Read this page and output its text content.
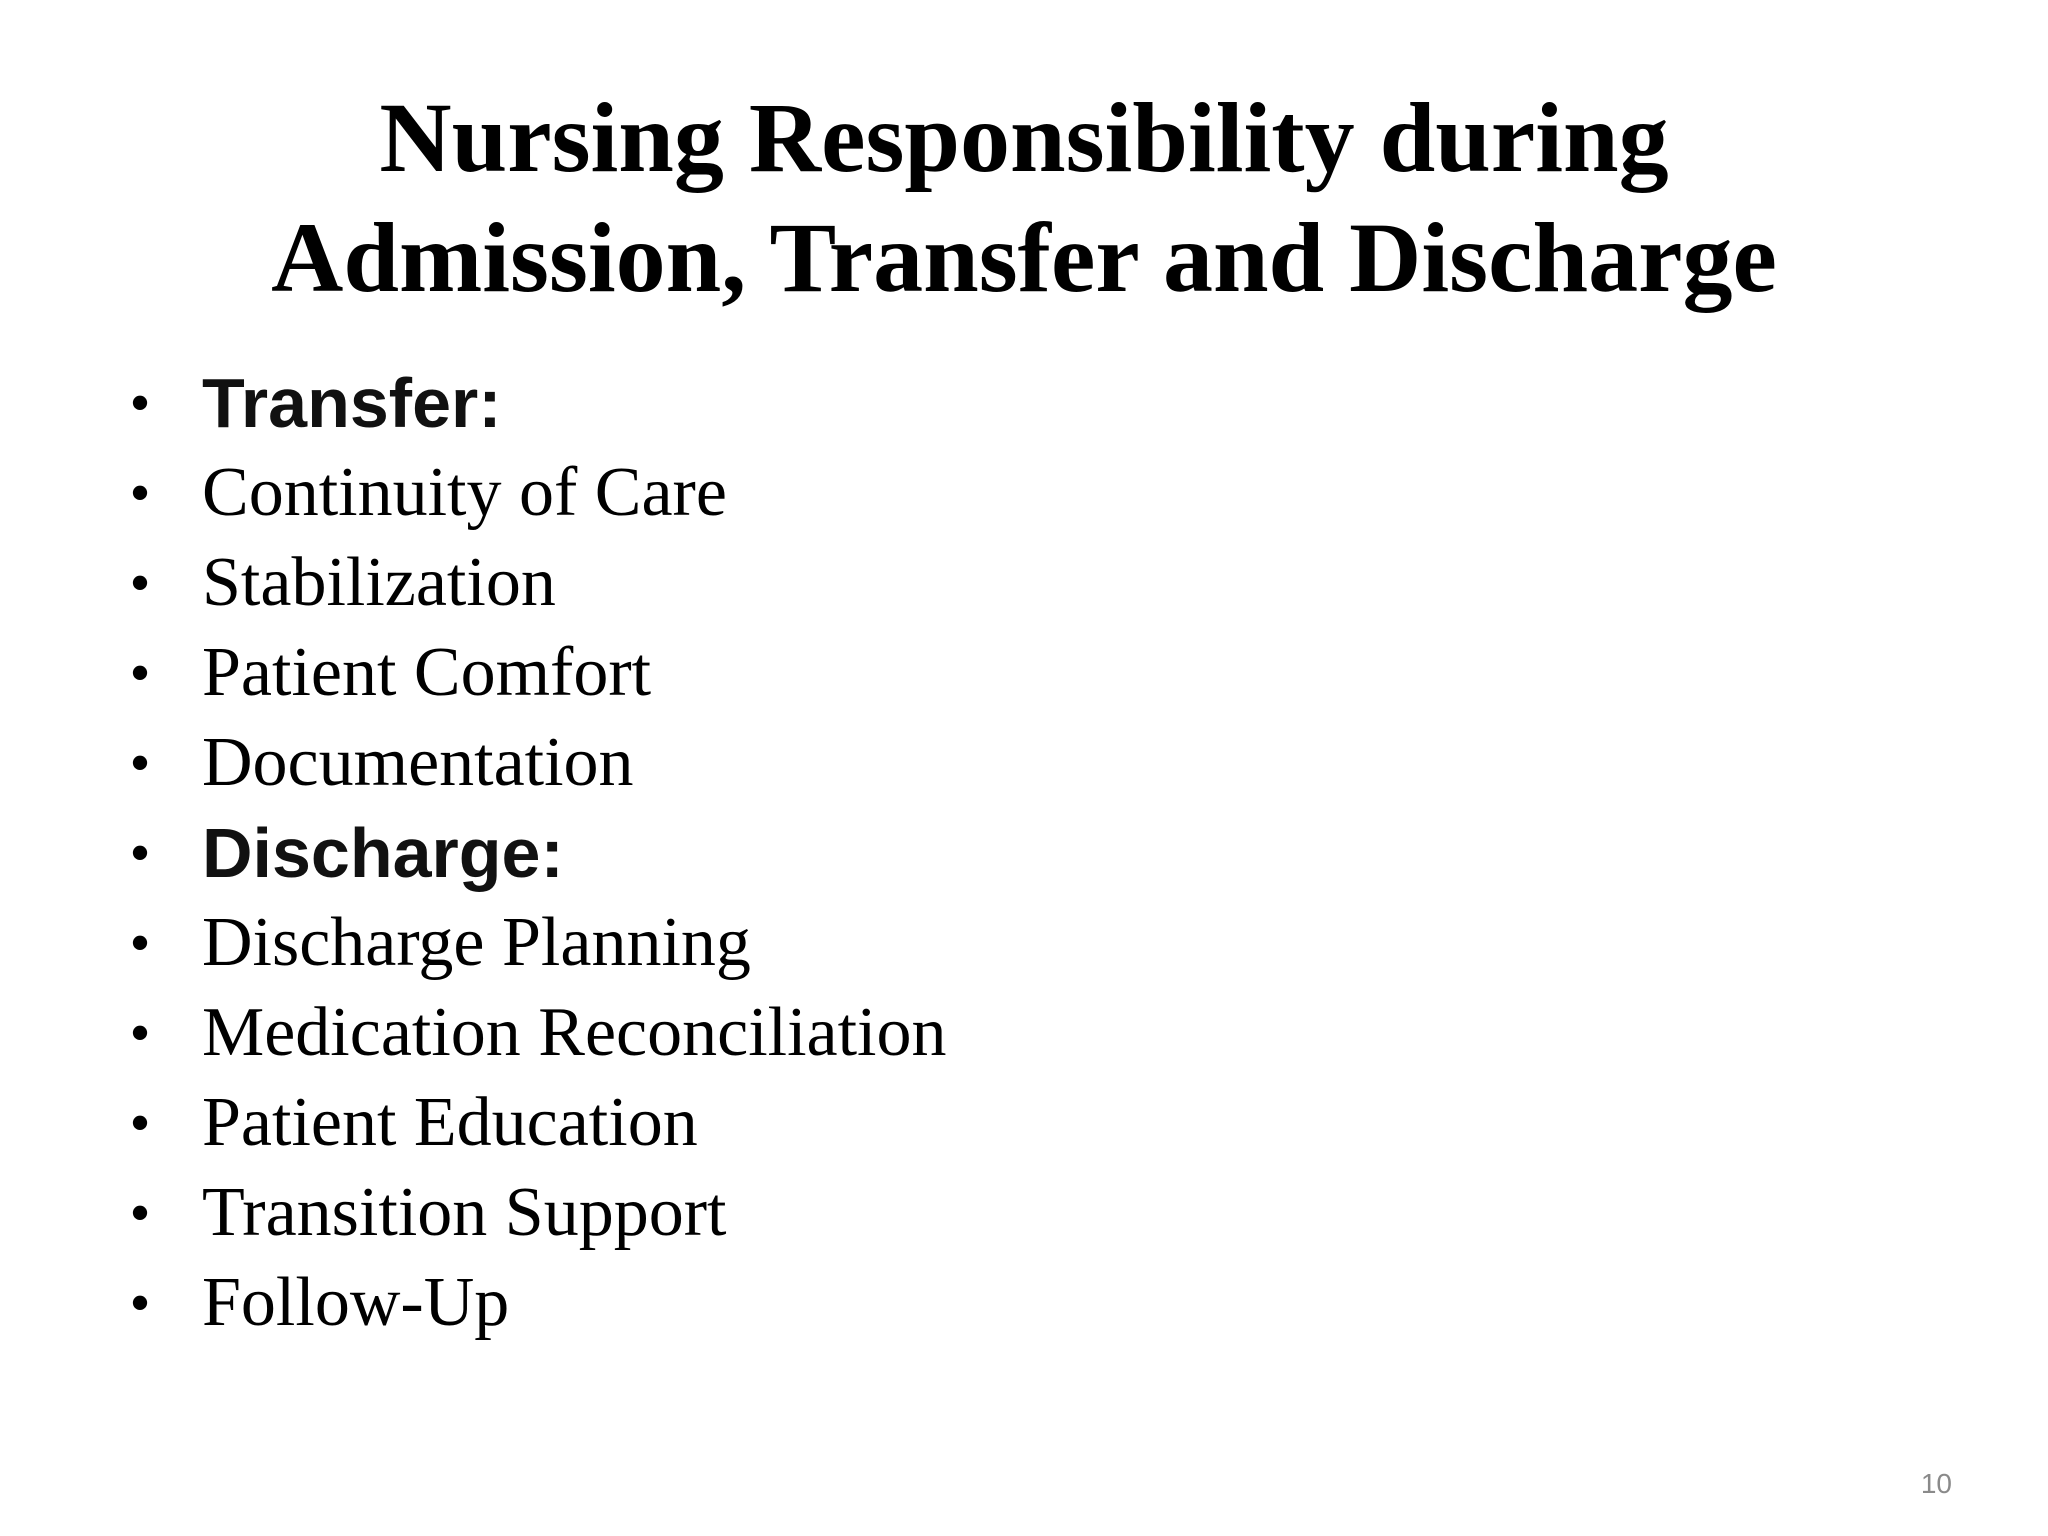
Nursing Responsibility during
Admission, Transfer and Discharge
• Transfer:
• Continuity of Care
• Stabilization
• Patient Comfort
• Documentation
• Discharge:
• Discharge Planning
• Medication Reconciliation
• Patient Education
• Transition Support
• Follow-Up
10
